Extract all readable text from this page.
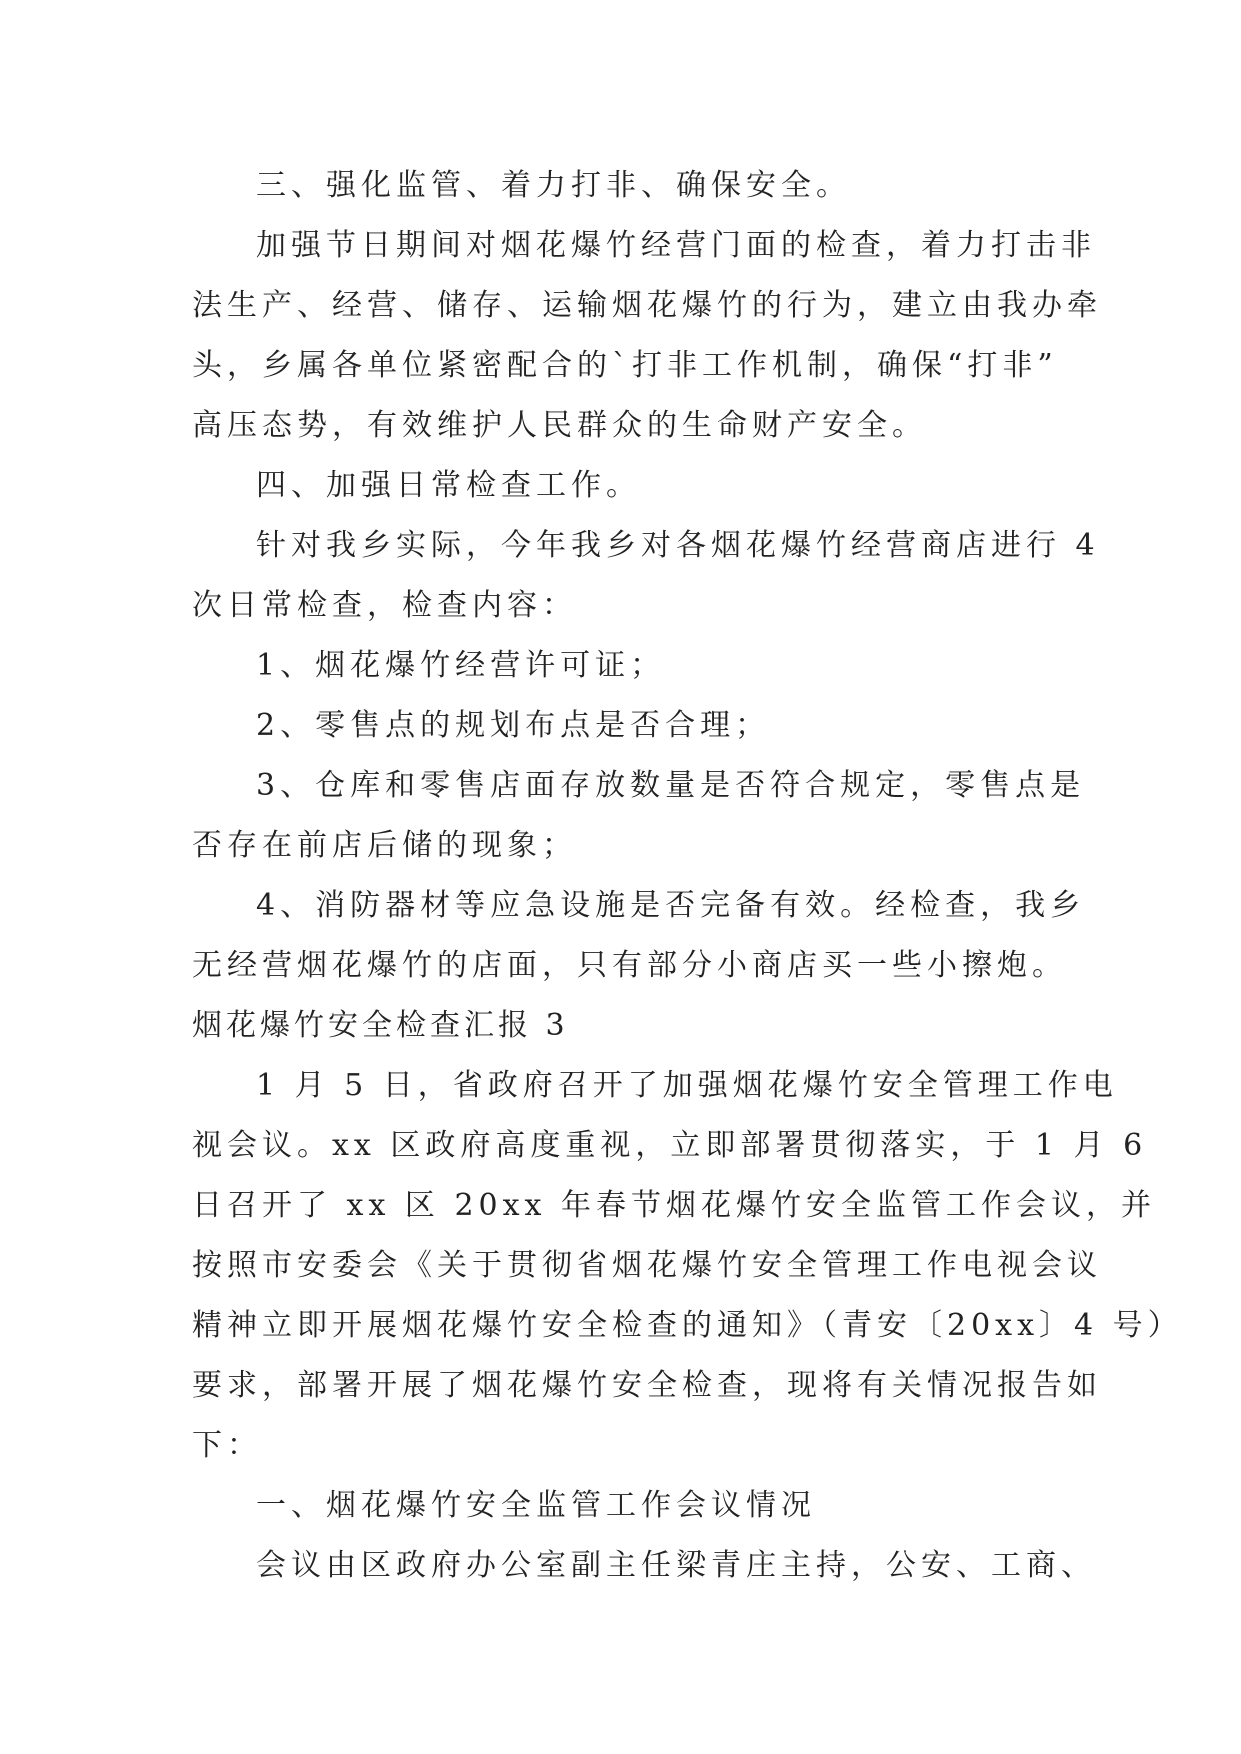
三、强化监管、着力打非、确保安全。

加强节日期间对烟花爆竹经营门面的检查，着力打击非

法生产、经营、储存、运输烟花爆竹的行为，建立由我办牵

头，乡属各单位紧密配合的`打非工作机制，确保“打非”

高压态势，有效维护人民群众的生命财产安全。

四、加强日常检查工作。

针对我乡实际，今年我乡对各烟花爆竹经营商店进行 4

次日常检查，检查内容：

1、烟花爆竹经营许可证；

2、零售点的规划布点是否合理；

3、仓库和零售店面存放数量是否符合规定，零售点是

否存在前店后储的现象；

4、消防器材等应急设施是否完备有效。经检查，我乡

无经营烟花爆竹的店面，只有部分小商店买一些小擦炮。

烟花爆竹安全检查汇报 3

1 月 5 日，省政府召开了加强烟花爆竹安全管理工作电

视会议。xx 区政府高度重视，立即部署贯彻落实，于 1 月 6

日召开了 xx 区 20xx 年春节烟花爆竹安全监管工作会议，并

按照市安委会《关于贯彻省烟花爆竹安全管理工作电视会议

精神立即开展烟花爆竹安全检查的通知》（青安〔20xx〕4 号）

要求，部署开展了烟花爆竹安全检查，现将有关情况报告如

下：

一、烟花爆竹安全监管工作会议情况

会议由区政府办公室副主任梁青庄主持，公安、工商、
